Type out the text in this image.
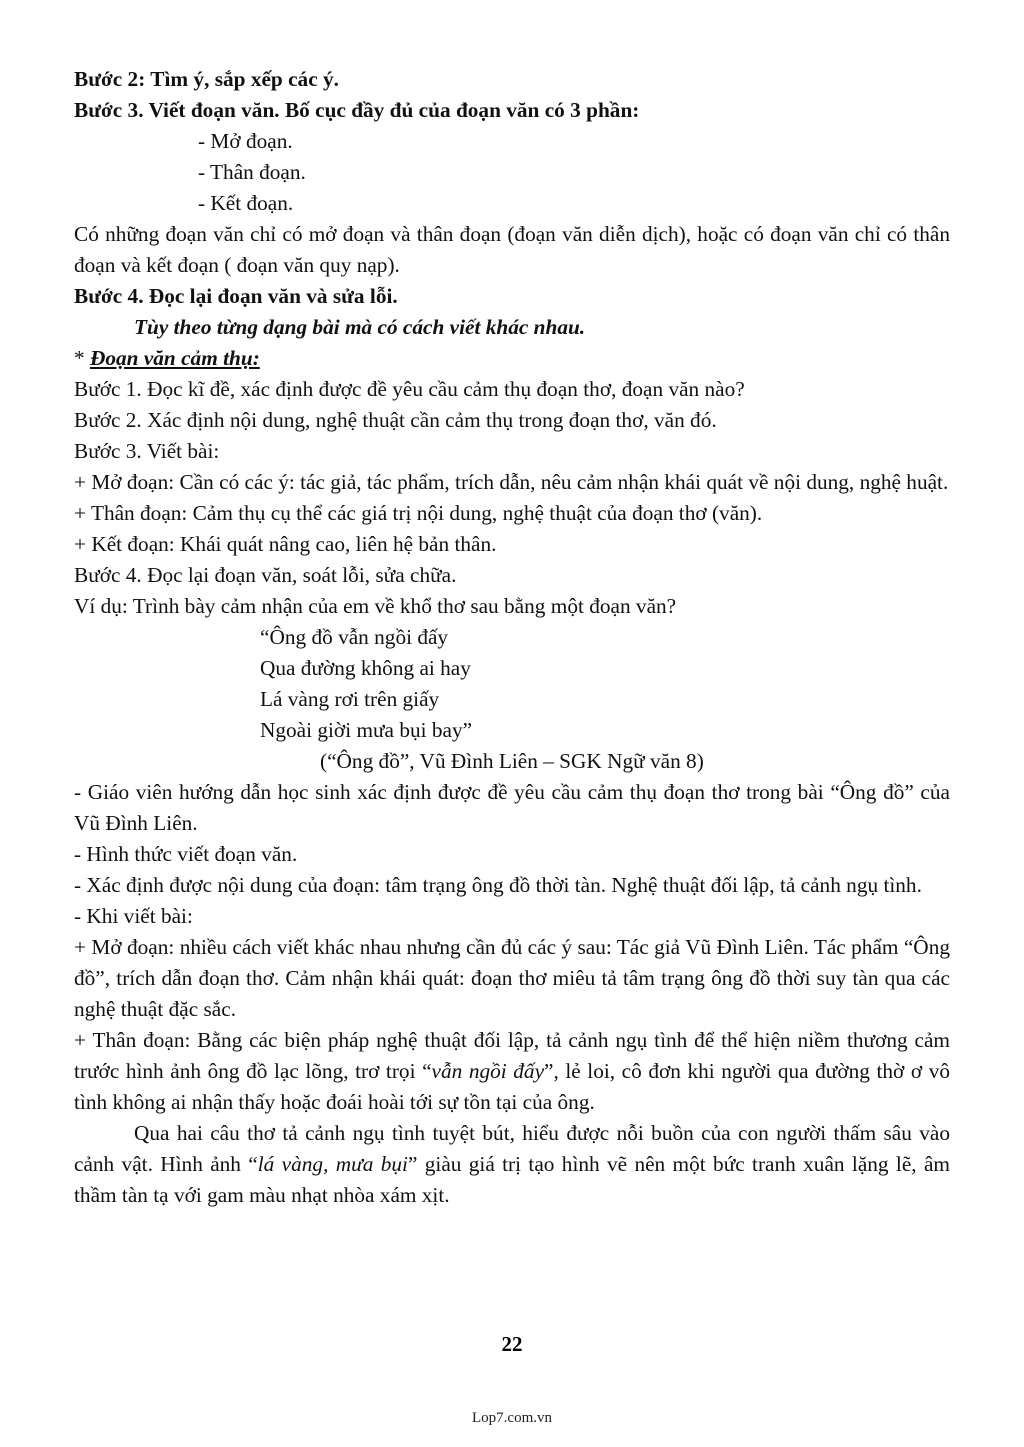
Bước 2: Tìm ý, sắp xếp các ý.

Bước 3. Viết đoạn văn. Bố cục đầy đủ của đoạn văn có 3 phần:

- Mở đoạn.

- Thân đoạn.

- Kết đoạn.

Có những đoạn văn chỉ có mở đoạn và thân đoạn (đoạn văn diễn dịch), hoặc có đoạn văn chỉ có thân đoạn và kết đoạn ( đoạn văn quy nạp).

Bước 4. Đọc lại đoạn văn và sửa lỗi.

Tùy theo từng dạng bài mà có cách viết khác nhau.

* Đoạn văn cảm thụ:

Bước 1. Đọc kĩ đề, xác định được đề yêu cầu cảm thụ đoạn thơ, đoạn văn nào?

Bước 2. Xác định nội dung, nghệ thuật cần cảm thụ trong đoạn thơ, văn đó.

Bước 3. Viết bài:

+ Mở đoạn: Cần có các ý: tác giả, tác phẩm, trích dẫn, nêu cảm nhận khái quát về nội dung, nghệ huật.

+ Thân đoạn: Cảm thụ cụ thể các giá trị nội dung, nghệ thuật của đoạn thơ (văn).

+ Kết đoạn: Khái quát nâng cao, liên hệ bản thân.

Bước 4. Đọc lại đoạn văn, soát lỗi, sửa chữa.

Ví dụ: Trình bày cảm nhận của em về khổ thơ sau bằng một đoạn văn?

“Ông đồ vẫn ngồi đấy

Qua đường không ai hay

Lá vàng rơi trên giấy

Ngoài giời mưa bụi bay”

(“Ông đồ”, Vũ Đình Liên – SGK Ngữ văn 8)

- Giáo viên hướng dẫn học sinh xác định được đề yêu cầu cảm thụ đoạn thơ trong bài “Ông đồ” của Vũ Đình Liên.

- Hình thức viết đoạn văn.

- Xác định được nội dung của đoạn: tâm trạng ông đồ thời tàn. Nghệ thuật đối lập, tả cảnh ngụ tình.

- Khi viết bài:

+ Mở đoạn: nhiều cách viết khác nhau nhưng cần đủ các ý sau: Tác giả Vũ Đình Liên. Tác phẩm “Ông đồ”, trích dẫn đoạn thơ. Cảm nhận khái quát: đoạn thơ miêu tả tâm trạng ông đồ thời suy tàn qua các nghệ thuật đặc sắc.

+ Thân đoạn: Bằng các biện pháp nghệ thuật đối lập, tả cảnh ngụ tình để thể hiện niềm thương cảm trước hình ảnh ông đồ lạc lõng, trơ trọi “vẫn ngồi đấy”, lẻ loi, cô đơn khi người qua đường thờ ơ vô tình không ai nhận thấy hoặc đoái hoài tới sự tồn tại của ông.

Qua hai câu thơ tả cảnh ngụ tình tuyệt bút, hiểu được nỗi buồn của con người thấm sâu vào cảnh vật. Hình ảnh “lá vàng, mưa bụi” giàu giá trị tạo hình vẽ nên một bức tranh xuân lặng lẽ, âm thầm tàn tạ với gam màu nhạt nhòa xám xịt.

22
Lop7.com.vn
